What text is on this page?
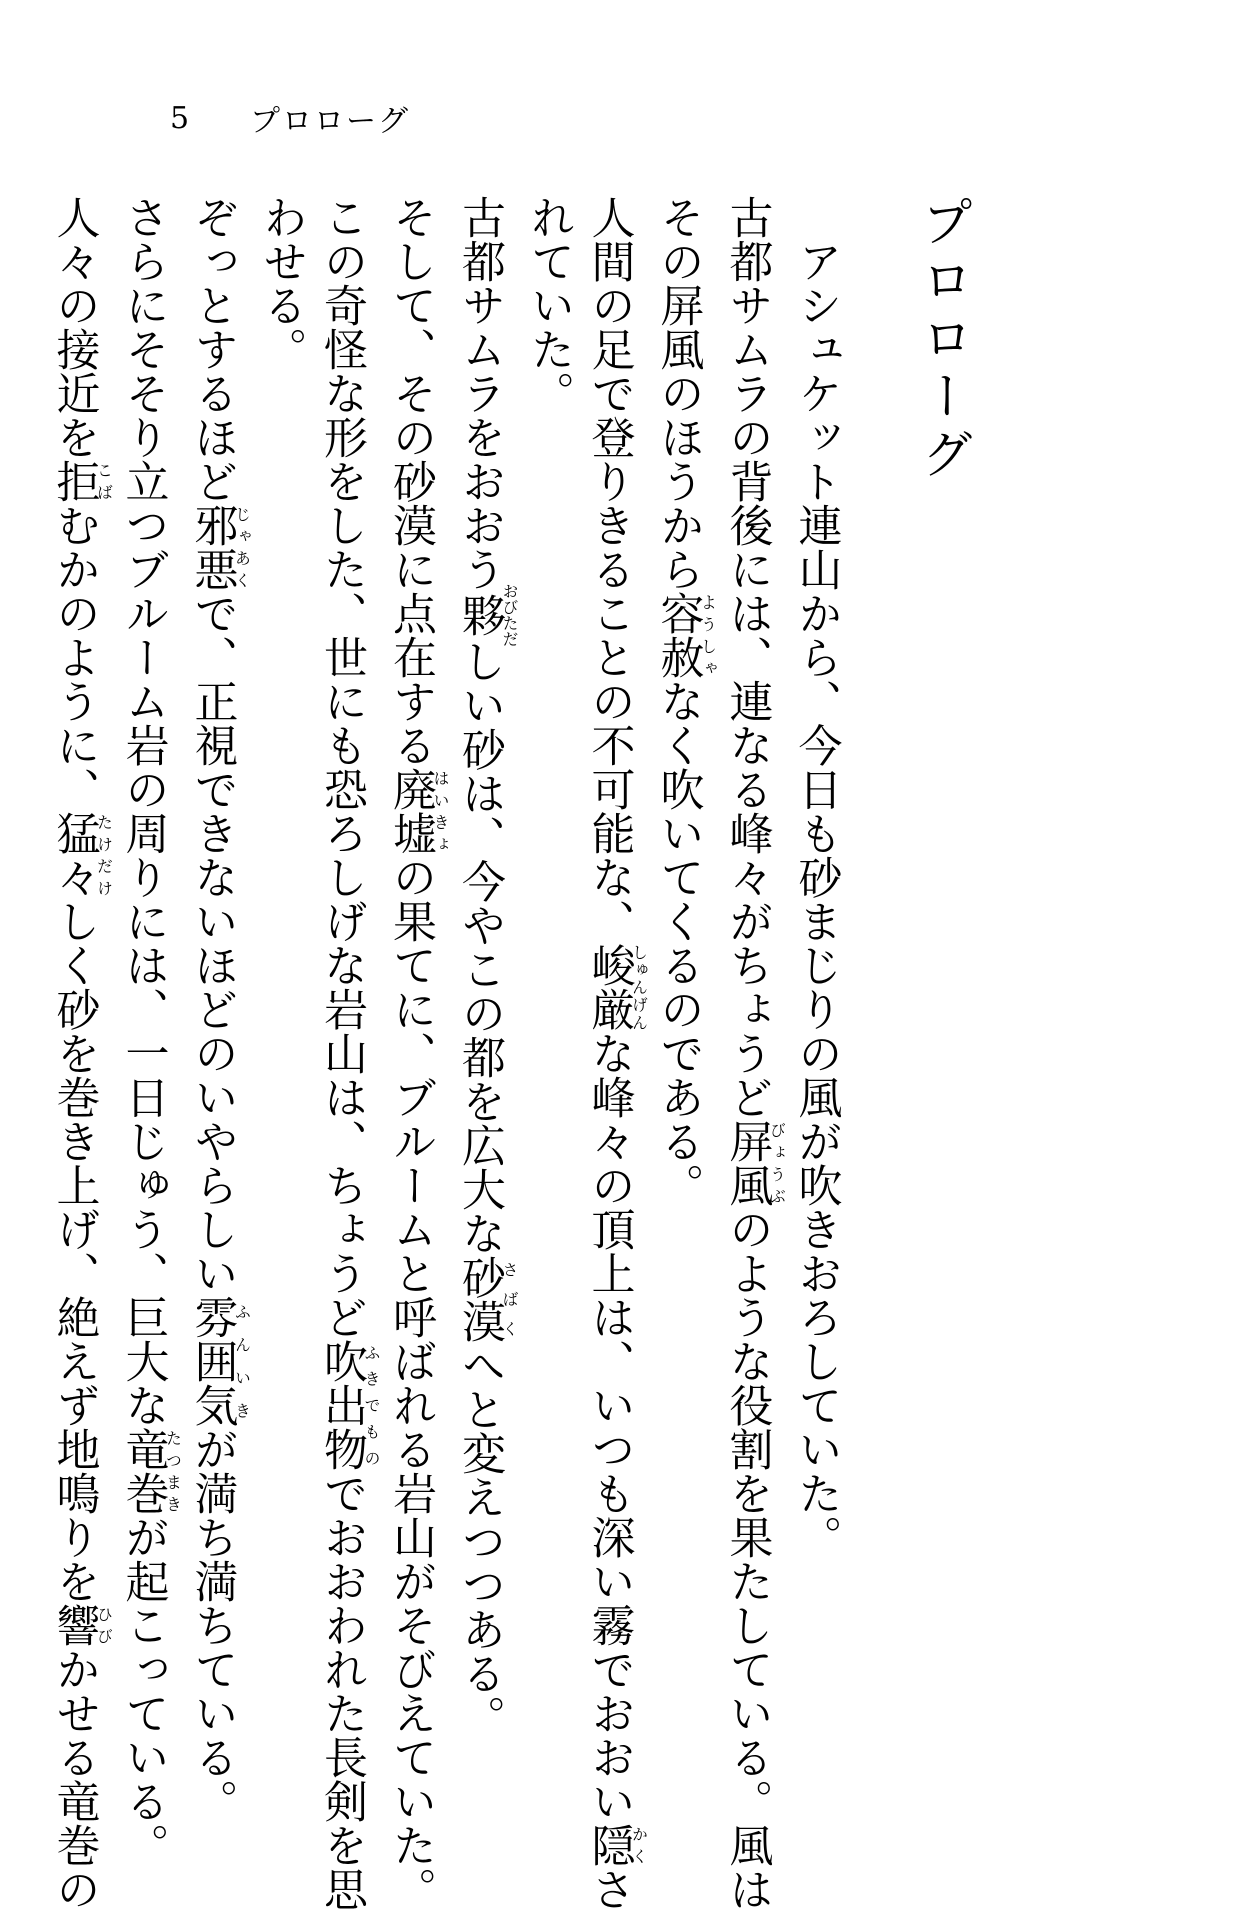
5	プロローグ
プロローグ
アシュケット連山から、今日も砂まじりの風が吹きおろしていた。
古都サムラの背後には、連なる峰々がちょうど屏風びょうぶのような役割を果たしている。風は
その屏風のほうから容赦ようしゃなく吹いてくるのである。
人間の足で登りきることの不可能な、峻厳しゅんげんな峰々の頂上は、いつも深い霧でおおい隠かくさ
れていた。
古都サムラをおおう夥おびただしい砂は、今やこの都を広大な砂漠さばくへと変えつつある。
そして、その砂漠に点在する廃墟はいきょの果てに、ブルームと呼ばれる岩山がそびえていた。
この奇怪な形をした、世にも恐ろしげな岩山は、ちょうど吹出物ふきでものでおおわれた長剣を思
わせる。
ぞっとするほど邪悪じゃあくで、正視できないほどのいやらしい雰囲気ふんいきが満ち満ちている。
さらにそそり立つブルーム岩の周りには、一日じゅう、巨大な竜巻たつまきが起こっている。
人々の接近を拒こばむかのように、猛々たけだけしく砂を巻き上げ、絶えず地鳴りを響ひびかせる竜巻の
